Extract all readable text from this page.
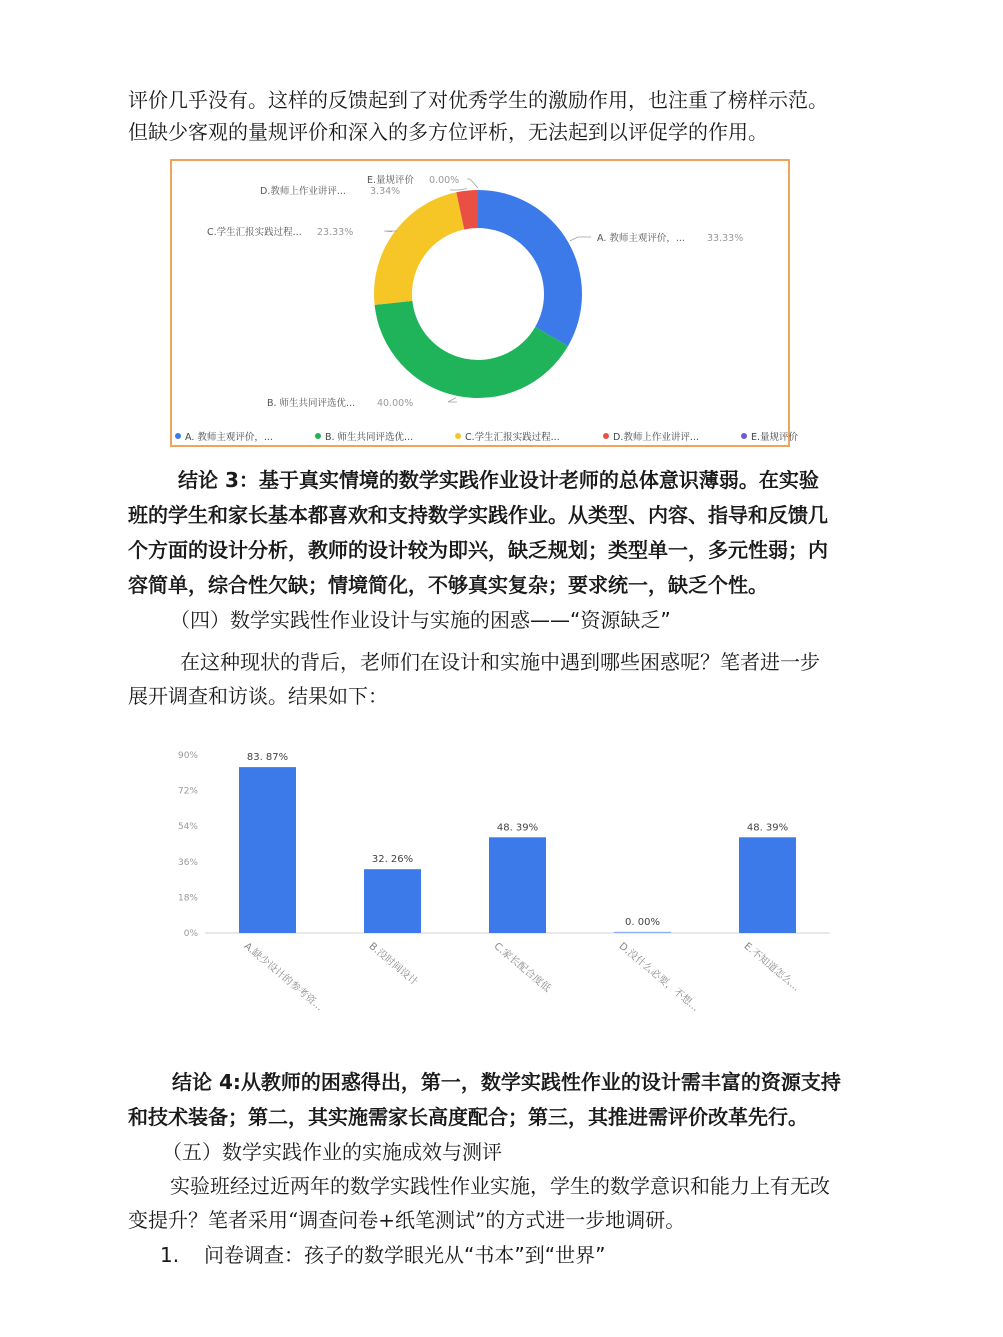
评价几乎没有。这样的反馈起到了对优秀学生的激励作用，也注重了榜样示范。
但缺少客观的量规评价和深入的多方位评析，无法起到以评促学的作用。
A. 教师主观评价，... 33.33%
B. 师生共同评选优... 40.00%
C.学生汇报实践过程... 23.33%
D.教师上作业讲评...	3.34%
E.量规评价 0.00%
A. 教师主观评价，...	B. 师生共同评选优...	C.学生汇报实践过程...	D.教师上作业讲评...	E.量规评价
结论 3：基于真实情境的数学实践作业设计老师的总体意识薄弱。在实验
班的学生和家长基本都喜欢和支持数学实践作业。从类型、内容、指导和反馈几
个方面的设计分析，教师的设计较为即兴，缺乏规划；类型单一，多元性弱；内
容简单，综合性欠缺；情境简化，不够真实复杂；要求统一，缺乏个性。
（四）数学实践性作业设计与实施的困惑——“资源缺乏”
在这种现状的背后，老师们在设计和实施中遇到哪些困惑呢？笔者进一步
展开调查和访谈。结果如下：
0%
18%
36%
54%
72%
90%	83. 87%
A.缺少设计的参考资...
32. 26%
B.没时间设计
48. 39%
C.家长配合度低
0. 00%
D.没什么必要，不想...
48. 39%
E.不知道怎么...
结论 4:从教师的困惑得出，第一，数学实践性作业的设计需丰富的资源支持
和技术装备；第二，其实施需家长高度配合；第三，其推进需评价改革先行。
（五）数学实践作业的实施成效与测评
实验班经过近两年的数学实践性作业实施，学生的数学意识和能力上有无改
变提升？笔者采用“调查问卷+纸笔测试”的方式进一步地调研。
1. 问卷调查：孩子的数学眼光从“书本”到“世界”
